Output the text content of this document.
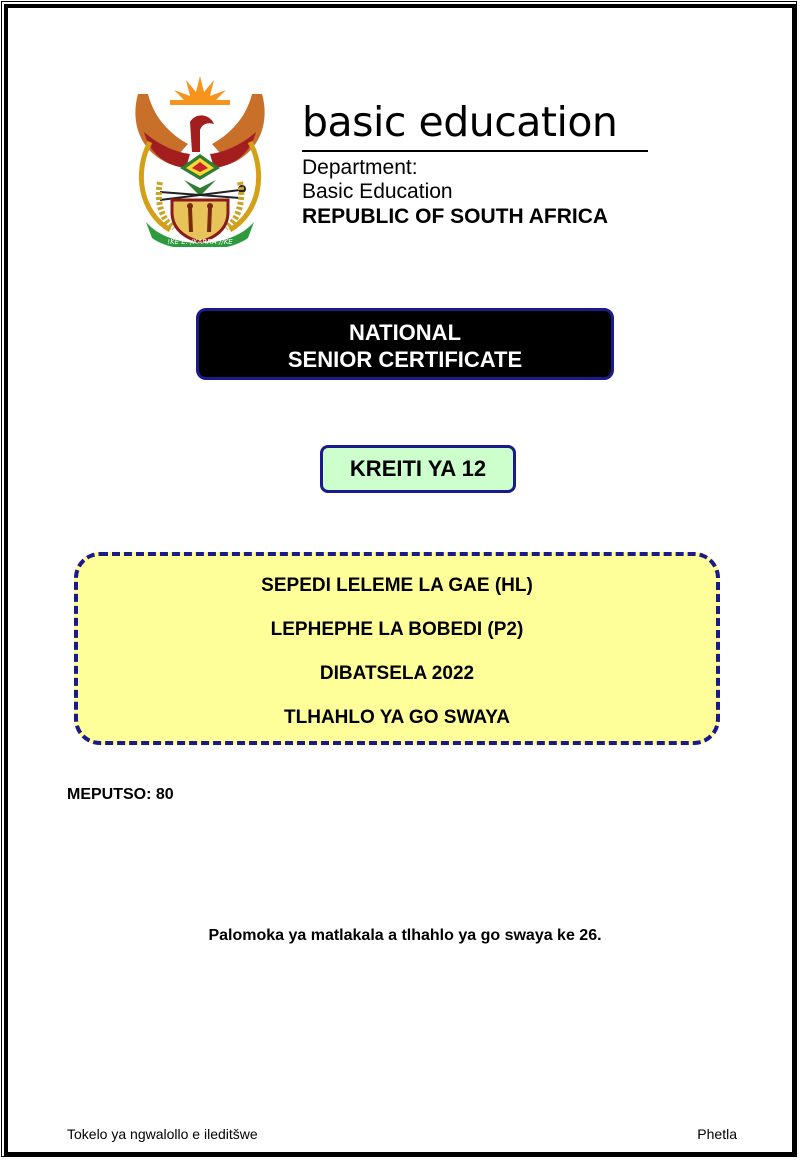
!KE E: /XARRA //KE
basic education
Department:
Basic Education
REPUBLIC OF SOUTH AFRICA
NATIONAL
SENIOR CERTIFICATE
KREITI YA 12
SEPEDI LELEME LA GAE (HL)
LEPHEPHE LA BOBEDI (P2)
DIBATSELA 2022
TLHAHLO YA GO SWAYA
MEPUTSO: 80
Palomoka ya matlakala a tlhahlo ya go swaya ke 26.
Tokelo ya ngwalollo e ileditšwe	Phetla
